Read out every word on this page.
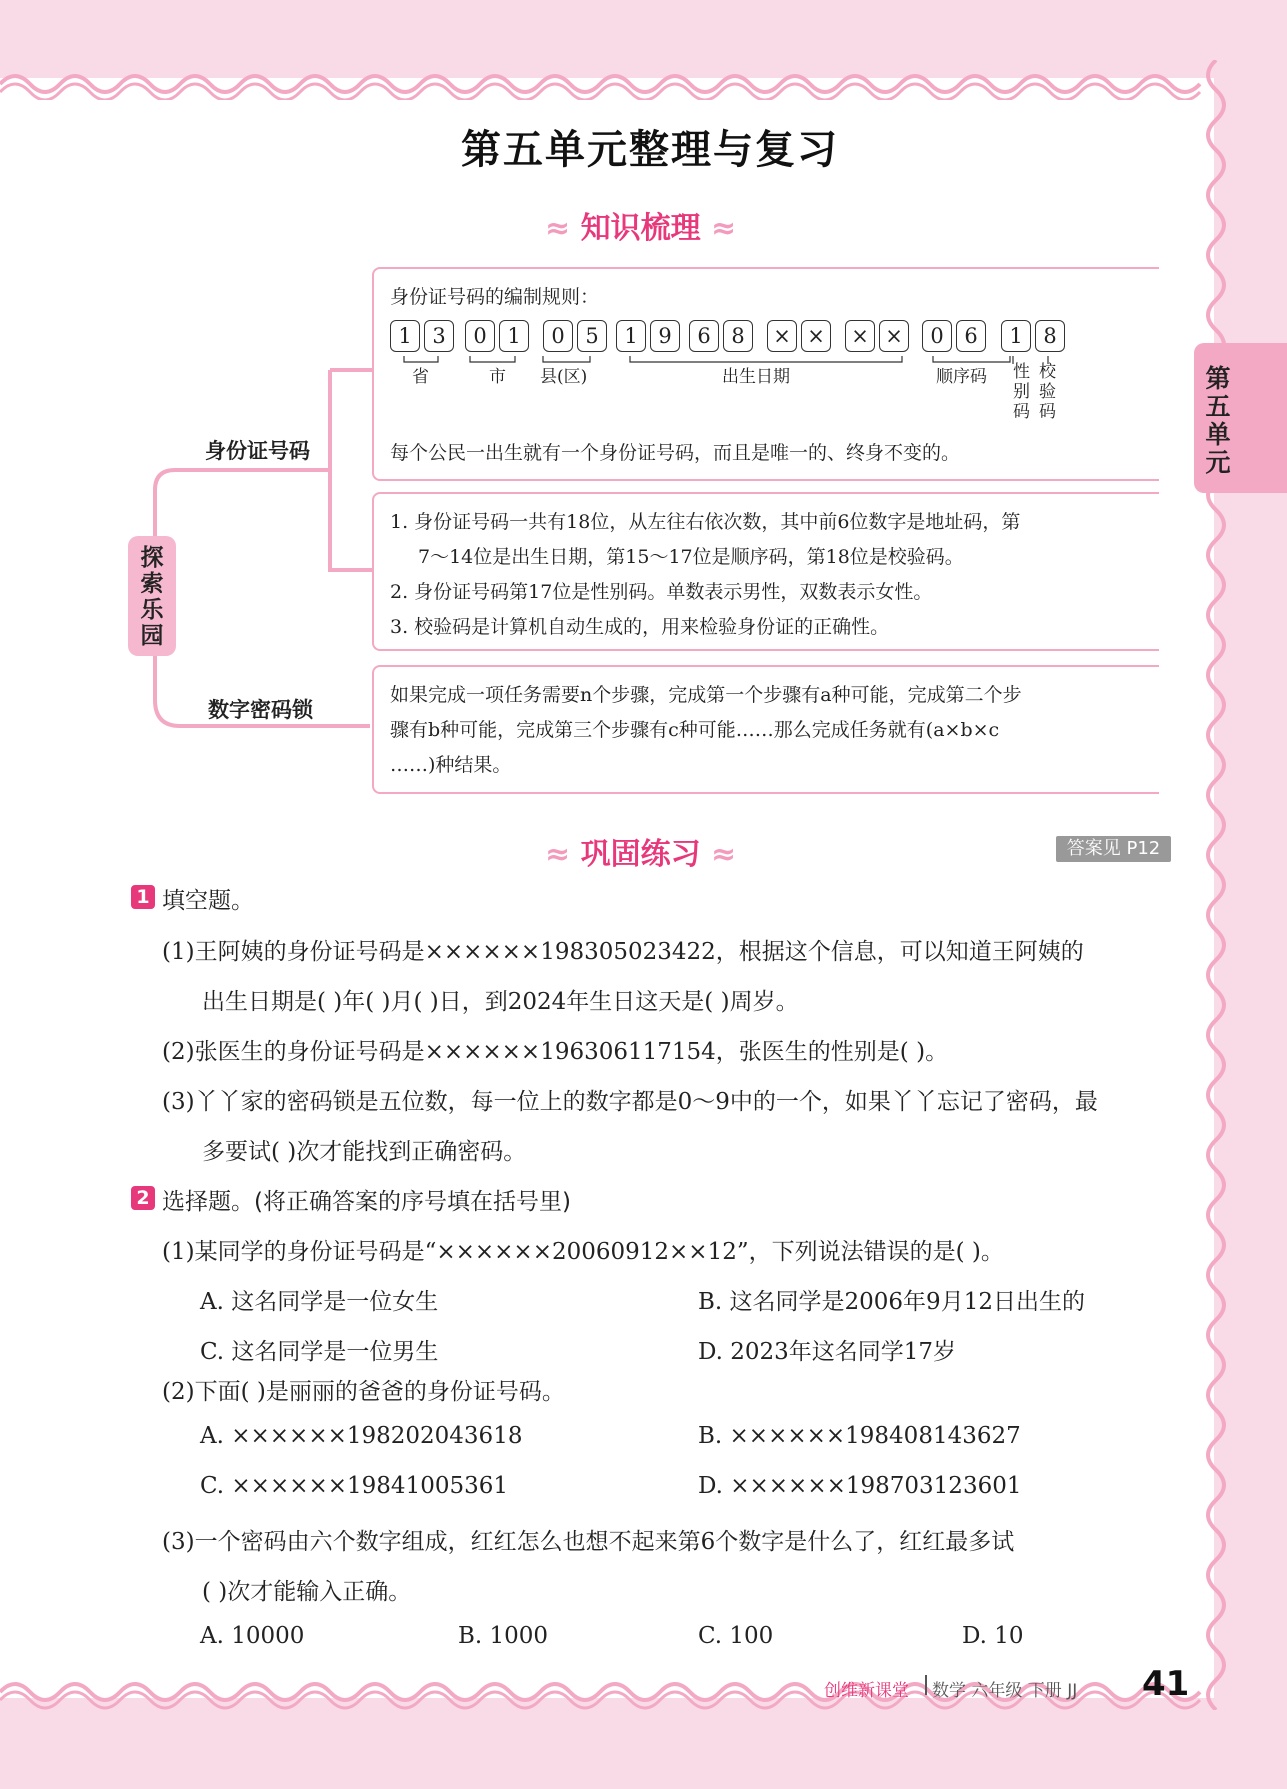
第五单元
第五单元整理与复习
≈ 知识梳理 ≈
探索乐园
身份证号码
数字密码锁
身份证号码的编制规则：
1 3	0 1	0 5	1 9	6 8	× × × ×	0 6	1 8
省	市 县(区)	出生日期	顺序码 性别码
校验码
每个公民一出生就有一个身份证号码，而且是唯一的、终身不变的。
1. 身份证号码一共有18位，从左往右依次数，其中前6位数字是地址码，第
7～14位是出生日期，第15～17位是顺序码，第18位是校验码。
2. 身份证号码第17位是性别码。单数表示男性，双数表示女性。
3. 校验码是计算机自动生成的，用来检验身份证的正确性。
如果完成一项任务需要n个步骤，完成第一个步骤有a种可能，完成第二个步
骤有b种可能，完成第三个步骤有c种可能……那么完成任务就有(a×b×c
……)种结果。
≈ 巩固练习 ≈	答案见 P12
1 填空题。
(1)王阿姨的身份证号码是××××××198305023422，根据这个信息，可以知道王阿姨的
出生日期是( )年( )月( )日，到2024年生日这天是( )周岁。
(2)张医生的身份证号码是××××××196306117154，张医生的性别是( )。
(3)丫丫家的密码锁是五位数，每一位上的数字都是0～9中的一个，如果丫丫忘记了密码，最
多要试( )次才能找到正确密码。
2 选择题。(将正确答案的序号填在括号里)
(1)某同学的身份证号码是“××××××20060912××12”，下列说法错误的是( )。
A. 这名同学是一位女生	B. 这名同学是2006年9月12日出生的
C. 这名同学是一位男生	D. 2023年这名同学17岁
(2)下面( )是丽丽的爸爸的身份证号码。
A. ××××××198202043618	B. ××××××198408143627
C. ××××××19841005361	D. ××××××198703123601
(3)一个密码由六个数字组成，红红怎么也想不起来第6个数字是什么了，红红最多试
( )次才能输入正确。
A. 10000	B. 1000	C. 100	D. 10
创维新课堂 数学 六年级 下册 JJ 41
